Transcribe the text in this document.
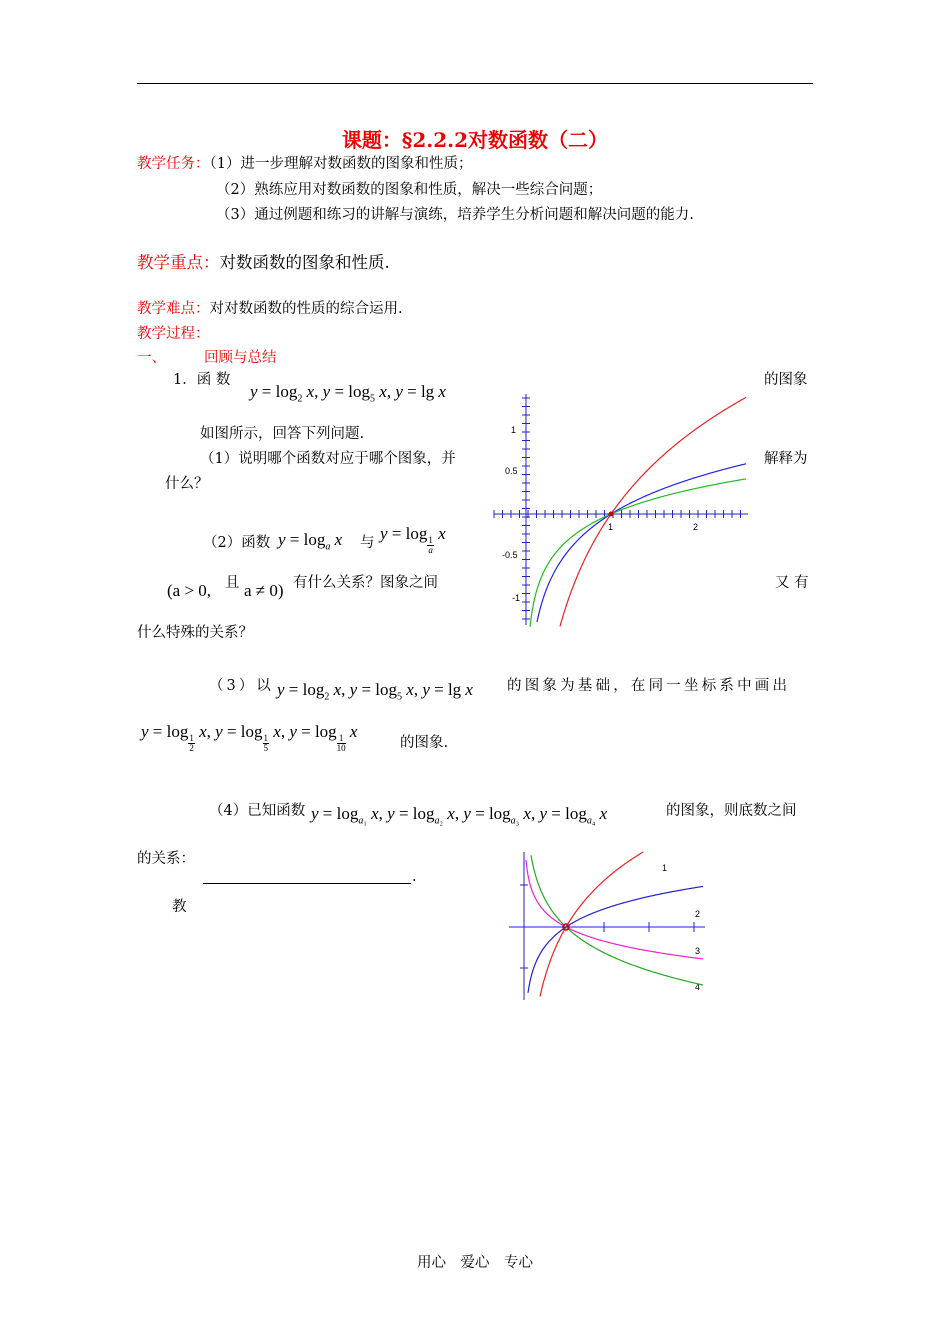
课题：§2.2.2对数函数（二）
教学任务：（1）进一步理解对数函数的图象和性质；
（2）熟练应用对数函数的图象和性质，解决一些综合问题；
（3）通过例题和练习的讲解与演练，培养学生分析问题和解决问题的能力.
教学重点：对数函数的图象和性质.
教学难点：对对数函数的性质的综合运用.
教学过程：
一、	回顾与总结
1．函 数	的图象
$y = \log_2 x$, $y = \log_5 x$, y = lg x
如图所示，回答下列问题.
（1）说明哪个函数对应于哪个图象，并	解释为
什么？
（2）函数 $y = \log_a x$ 与 y = log
$\frac{1}{a}$
x
(a > 0, 且 a ≠ 0) 有什么关系？图象之间	又 有
什么特殊的关系？
1
0.5
-0.5
-1
1	2
（3）以 $y = \log_2 x$, $y = \log_5 x$, y = lg x 的图象为基础，在同一坐标系中画出
y = log
$\frac{1}{2}$
x, y = log
$\frac{1}{5}$
x, y = log
$\frac{1}{10}$
x
的图象.
（4）已知函数 $y = \log_{a_1} x$, $y = \log_{a_2} x$, $y = \log_{a_3} x$, $y = \log_{a_4} x$	的图象，则底数之间
的关系：
.
教
1
2
3
4
用心　爱心　专心
